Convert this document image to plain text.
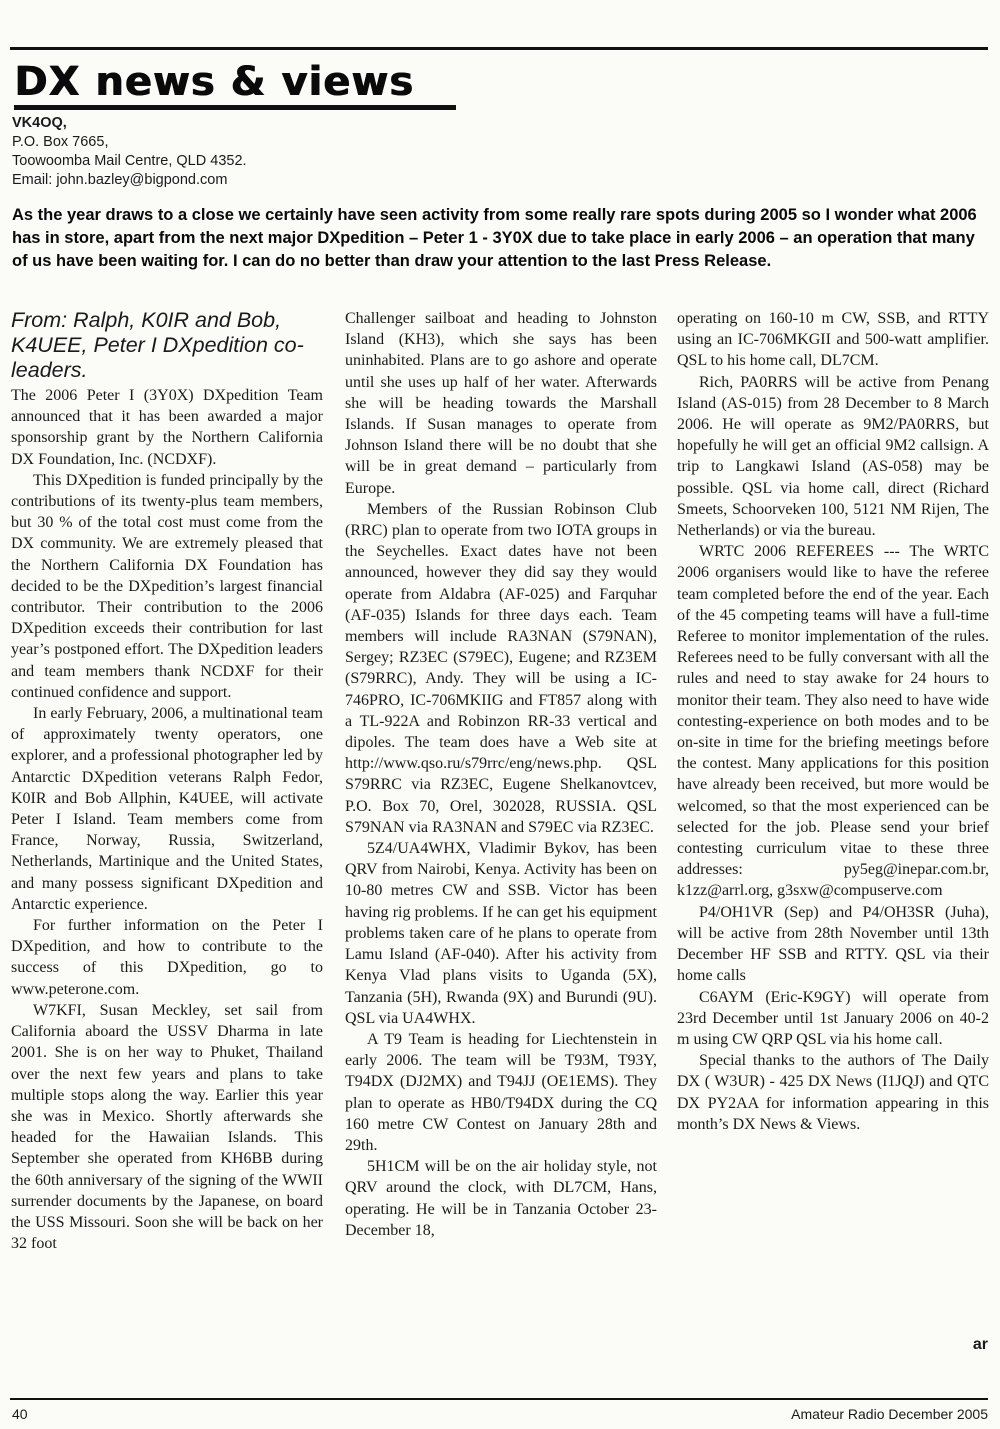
DX news & views
VK4OQ,
P.O. Box 7665,
Toowoomba Mail Centre, QLD 4352.
Email: john.bazley@bigpond.com

As the year draws to a close we certainly have seen activity from some really rare spots during 2005 so I wonder what 2006 has in store, apart from the next major DXpedition – Peter 1 - 3Y0X due to take place in early 2006 – an operation that many of us have been waiting for. I can do no better than draw your attention to the last Press Release.

From: Ralph, K0IR and Bob, K4UEE, Peter I DXpedition co-leaders.

The 2006 Peter I (3Y0X) DXpedition Team announced that it has been awarded a major sponsorship grant by the Northern California DX Foundation, Inc. (NCDXF).

This DXpedition is funded principally by the contributions of its twenty-plus team members, but 30 % of the total cost must come from the DX community. We are extremely pleased that the Northern California DX Foundation has decided to be the DXpedition’s largest financial contributor. Their contribution to the 2006 DXpedition exceeds their contribution for last year’s postponed effort. The DXpedition leaders and team members thank NCDXF for their continued confidence and support.

In early February, 2006, a multinational team of approximately twenty operators, one explorer, and a professional photographer led by Antarctic DXpedition veterans Ralph Fedor, K0IR and Bob Allphin, K4UEE, will activate Peter I Island. Team members come from France, Norway, Russia, Switzerland, Netherlands, Martinique and the United States, and many possess significant DXpedition and Antarctic experience.

For further information on the Peter I DXpedition, and how to contribute to the success of this DXpedition, go to www.peterone.com.

W7KFI, Susan Meckley, set sail from California aboard the USSV Dharma in late 2001. She is on her way to Phuket, Thailand over the next few years and plans to take multiple stops along the way. Earlier this year she was in Mexico. Shortly afterwards she headed for the Hawaiian Islands. This September she operated from KH6BB during the 60th anniversary of the signing of the WWII surrender documents by the Japanese, on board the USS Missouri. Soon she will be back on her 32 foot

Challenger sailboat and heading to Johnston Island (KH3), which she says has been uninhabited. Plans are to go ashore and operate until she uses up half of her water. Afterwards she will be heading towards the Marshall Islands. If Susan manages to operate from Johnson Island there will be no doubt that she will be in great demand – particularly from Europe.

Members of the Russian Robinson Club (RRC) plan to operate from two IOTA groups in the Seychelles. Exact dates have not been announced, however they did say they would operate from Aldabra (AF-025) and Farquhar (AF-035) Islands for three days each. Team members will include RA3NAN (S79NAN), Sergey; RZ3EC (S79EC), Eugene; and RZ3EM (S79RRC), Andy. They will be using a IC-746PRO, IC-706MKIIG and FT857 along with a TL-922A and Robinzon RR-33 vertical and dipoles. The team does have a Web site at http://www.qso.ru/s79rrc/eng/news.php. QSL S79RRC via RZ3EC, Eugene Shelkanovtcev, P.O. Box 70, Orel, 302028, RUSSIA. QSL S79NAN via RA3NAN and S79EC via RZ3EC.

5Z4/UA4WHX, Vladimir Bykov, has been QRV from Nairobi, Kenya. Activity has been on 10-80 metres CW and SSB. Victor has been having rig problems. If he can get his equipment problems taken care of he plans to operate from Lamu Island (AF-040). After his activity from Kenya Vlad plans visits to Uganda (5X), Tanzania (5H), Rwanda (9X) and Burundi (9U). QSL via UA4WHX.

A T9 Team is heading for Liechtenstein in early 2006. The team will be T93M, T93Y, T94DX (DJ2MX) and T94JJ (OE1EMS). They plan to operate as HB0/T94DX during the CQ 160 metre CW Contest on January 28th and 29th.

5H1CM will be on the air holiday style, not QRV around the clock, with DL7CM, Hans, operating. He will be in Tanzania October 23-December 18,

operating on 160-10 m CW, SSB, and RTTY using an IC-706MKGII and 500-watt amplifier. QSL to his home call, DL7CM.

Rich, PA0RRS will be active from Penang Island (AS-015) from 28 December to 8 March 2006. He will operate as 9M2/PA0RRS, but hopefully he will get an official 9M2 callsign. A trip to Langkawi Island (AS-058) may be possible. QSL via home call, direct (Richard Smeets, Schoorveken 100, 5121 NM Rijen, The Netherlands) or via the bureau.

WRTC 2006 REFEREES --- The WRTC 2006 organisers would like to have the referee team completed before the end of the year. Each of the 45 competing teams will have a full-time Referee to monitor implementation of the rules. Referees need to be fully conversant with all the rules and need to stay awake for 24 hours to monitor their team. They also need to have wide contesting-experience on both modes and to be on-site in time for the briefing meetings before the contest. Many applications for this position have already been received, but more would be welcomed, so that the most experienced can be selected for the job. Please send your brief contesting curriculum vitae to these three addresses: py5eg@inepar.com.br, k1zz@arrl.org, g3sxw@compuserve.com

P4/OH1VR (Sep) and P4/OH3SR (Juha), will be active from 28th November until 13th December HF SSB and RTTY. QSL via their home calls

C6AYM (Eric-K9GY) will operate from 23rd December until 1st January 2006 on 40-2 m using CW QRP QSL via his home call.

Special thanks to the authors of The Daily DX ( W3UR) - 425 DX News (I1JQJ) and QTC DX PY2AA for information appearing in this month’s DX News & Views.

ar
40	Amateur Radio December 2005
